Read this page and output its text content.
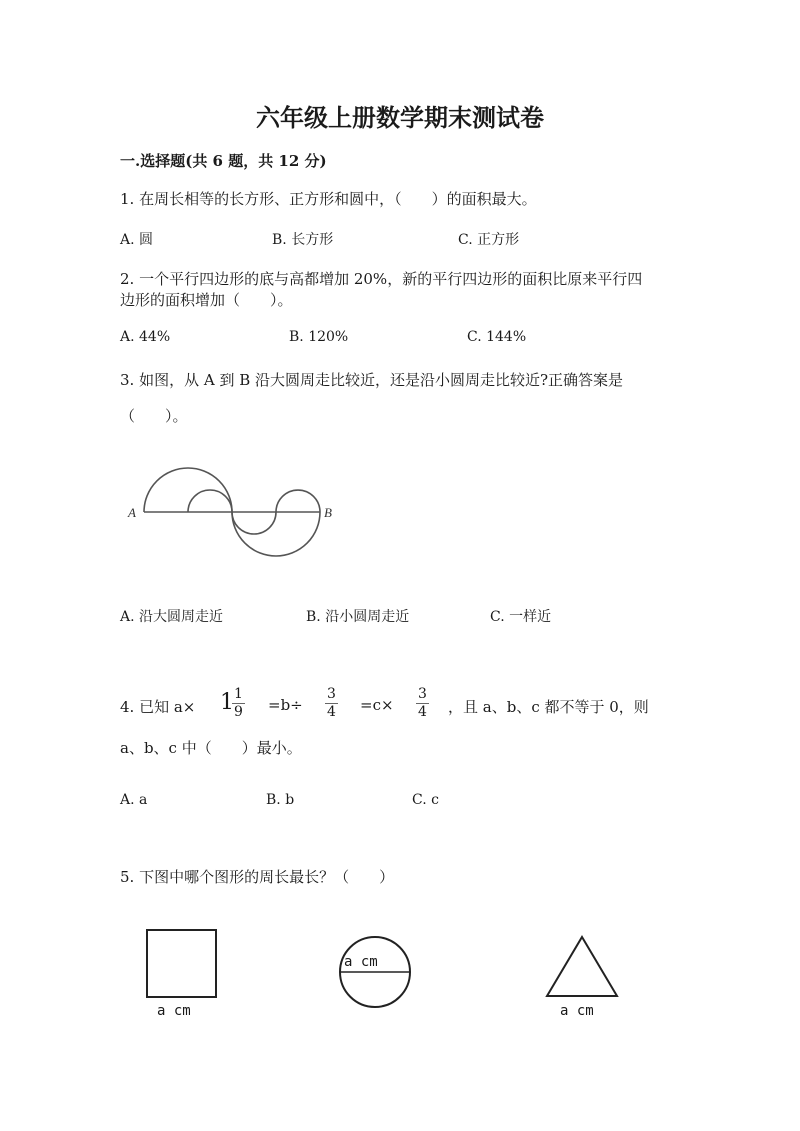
六年级上册数学期末测试卷
一.选择题(共 6 题，共 12 分)
1. 在周长相等的长方形、正方形和圆中，（　　）的面积最大。
A. 圆	B. 长方形	C. 正方形
2. 一个平行四边形的底与高都增加 20%，新的平行四边形的面积比原来平行四
边形的面积增加（　　）。
A. 44%	B. 120%	C. 144%
3. 如图，从 A 到 B 沿大圆周走比较近，还是沿小圆周走比较近?正确答案是
（　　）。
A	B
A. 沿大圆周走近	B. 沿小圆周走近	C. 一样近
4. 已知 a× 1
$\frac{1}{9} =b\div \frac{3}{4} =c\times \frac{3}{4}$ ，且 a、b、c 都不等于 0，则
a、b、c 中（　　）最小。
A. a	B. b	C. c
5. 下图中哪个图形的周长最长？（　　）
a cm
a cm
a cm
